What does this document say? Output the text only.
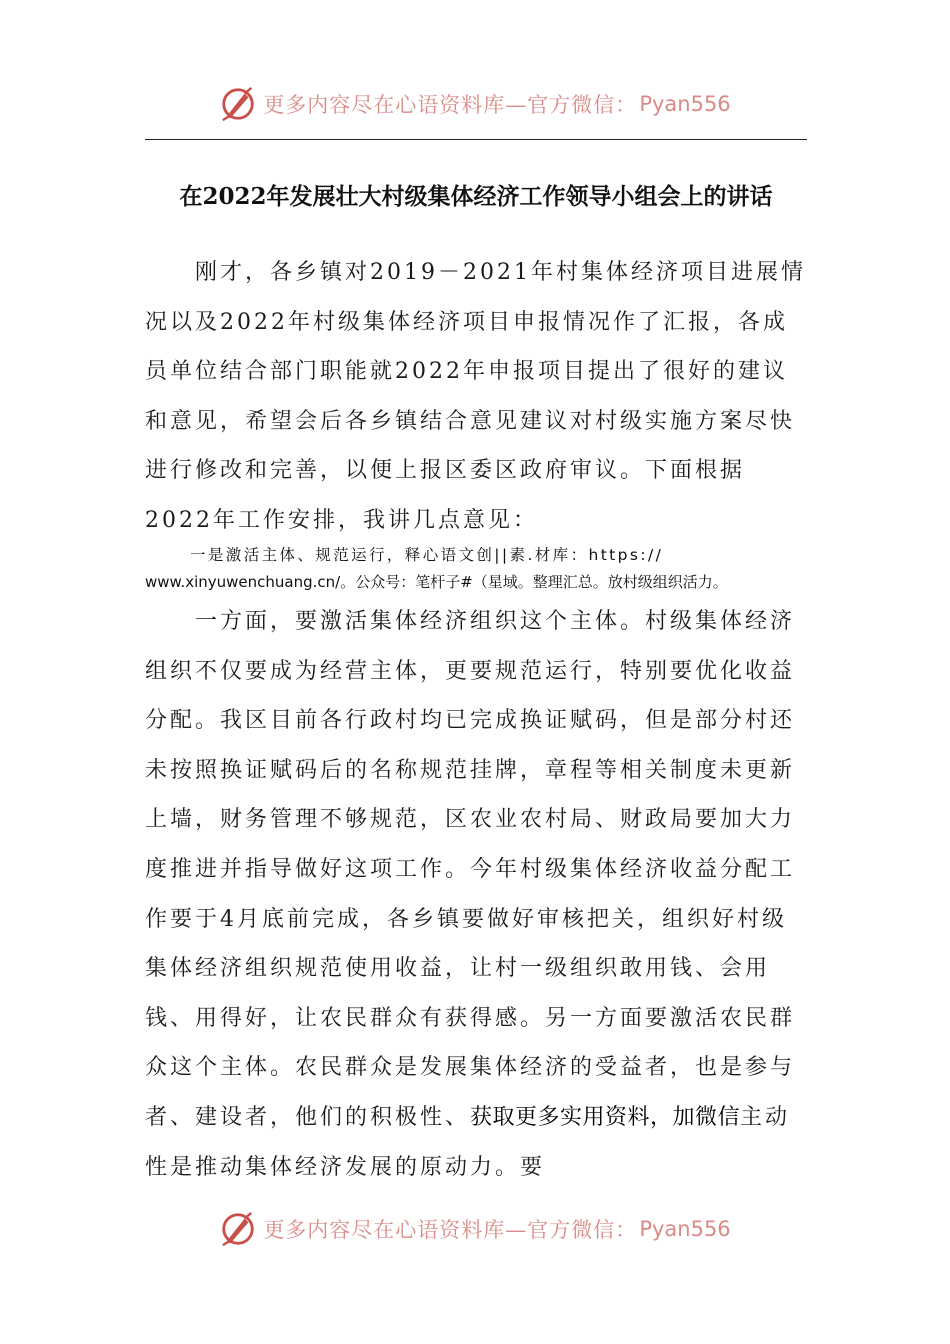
更多内容尽在心语资料库—官方微信： Pyan556
在2022年发展壮大村级集体经济工作领导小组会上的讲话

刚才，各乡镇对2019－2021年村集体经济项目进展情况以及2022年村级集体经济项目申报情况作了汇报，各成员单位结合部门职能就2022年申报项目提出了很好的建议和意见，希望会后各乡镇结合意见建议对村级实施方案尽快进行修改和完善，以便上报区委区政府审议。下面根据2022年工作安排，我讲几点意见：

一是激活主体、规范运行，释心语文创||素.材库：https://
www.xinyuwenchuang.cn/。公众号：笔杆子#（星域。整理汇总。放村级组织活力。

一方面，要激活集体经济组织这个主体。村级集体经济组织不仅要成为经营主体，更要规范运行，特别要优化收益分配。我区目前各行政村均已完成换证赋码，但是部分村还未按照换证赋码后的名称规范挂牌，章程等相关制度未更新上墙，财务管理不够规范，区农业农村局、财政局要加大力度推进并指导做好这项工作。今年村级集体经济收益分配工作要于4月底前完成，各乡镇要做好审核把关，组织好村级集体经济组织规范使用收益，让村一级组织敢用钱、会用钱、用得好，让农民群众有获得感。另一方面要激活农民群众这个主体。农民群众是发展集体经济的受益者，也是参与者、建设者，他们的积极性、获取更多实用资料，加微信主动性是推动集体经济发展的原动力。要

更多内容尽在心语资料库—官方微信： Pyan556
